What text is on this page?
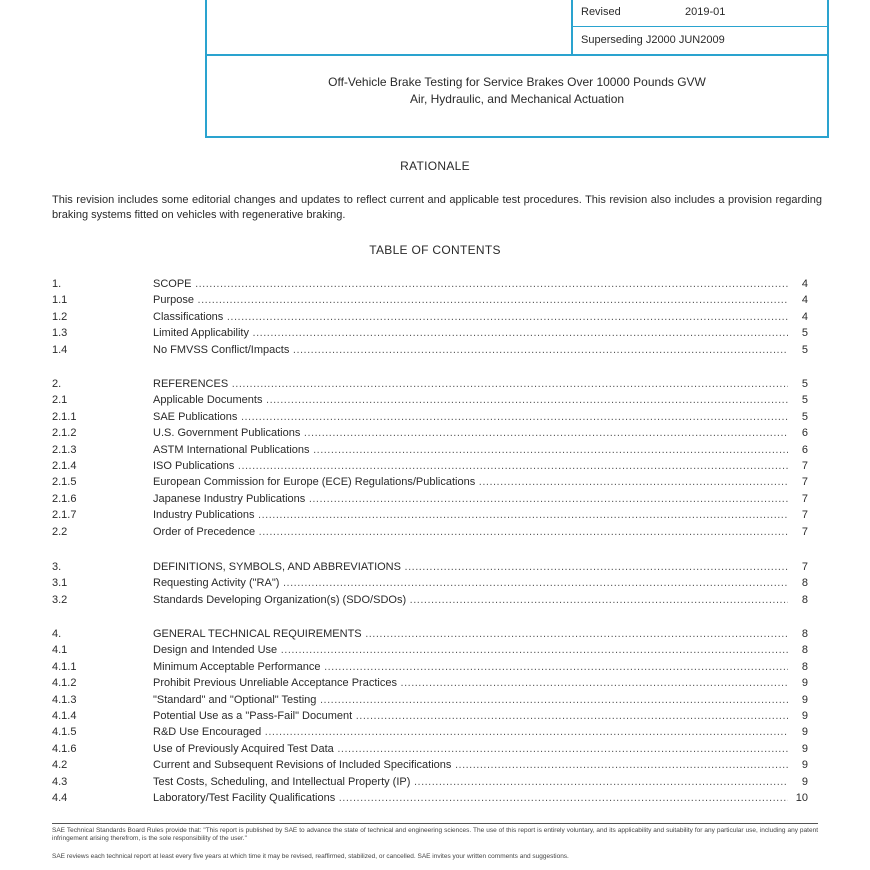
Revised	2019-01
Superseding J2000 JUN2009
Off-Vehicle Brake Testing for Service Brakes Over 10000 Pounds GVW
Air, Hydraulic, and Mechanical Actuation
RATIONALE
This revision includes some editorial changes and updates to reflect current and applicable test procedures. This revision also includes a provision regarding braking systems fitted on vehicles with regenerative braking.
TABLE OF CONTENTS
1.	SCOPE .....	4
1.1	Purpose .....	4
1.2	Classifications .....	4
1.3	Limited Applicability .....	5
1.4	No FMVSS Conflict/Impacts .....	5
2.	REFERENCES .....	5
2.1	Applicable Documents .....	5
2.1.1	SAE Publications .....	5
2.1.2	U.S. Government Publications .....	6
2.1.3	ASTM International Publications .....	6
2.1.4	ISO Publications .....	7
2.1.5	European Commission for Europe (ECE) Regulations/Publications .....	7
2.1.6	Japanese Industry Publications .....	7
2.1.7	Industry Publications .....	7
2.2	Order of Precedence .....	7
3.	DEFINITIONS, SYMBOLS, AND ABBREVIATIONS .....	7
3.1	Requesting Activity ("RA") .....	8
3.2	Standards Developing Organization(s) (SDO/SDOs) .....	8
4.	GENERAL TECHNICAL REQUIREMENTS .....	8
4.1	Design and Intended Use .....	8
4.1.1	Minimum Acceptable Performance .....	8
4.1.2	Prohibit Previous Unreliable Acceptance Practices .....	9
4.1.3	"Standard" and "Optional" Testing .....	9
4.1.4	Potential Use as a "Pass-Fail" Document .....	9
4.1.5	R&D Use Encouraged .....	9
4.1.6	Use of Previously Acquired Test Data .....	9
4.2	Current and Subsequent Revisions of Included Specifications .....	9
4.3	Test Costs, Scheduling, and Intellectual Property (IP) .....	9
4.4	Laboratory/Test Facility Qualifications .....	10
SAE Technical Standards Board Rules provide that: "This report is published by SAE to advance the state of technical and engineering sciences. The use of this report is entirely voluntary, and its applicability and suitability for any particular use, including any patent infringement arising therefrom, is the sole responsibility of the user."
SAE reviews each technical report at least every five years at which time it may be revised, reaffirmed, stabilized, or cancelled. SAE invites your written comments and suggestions.
